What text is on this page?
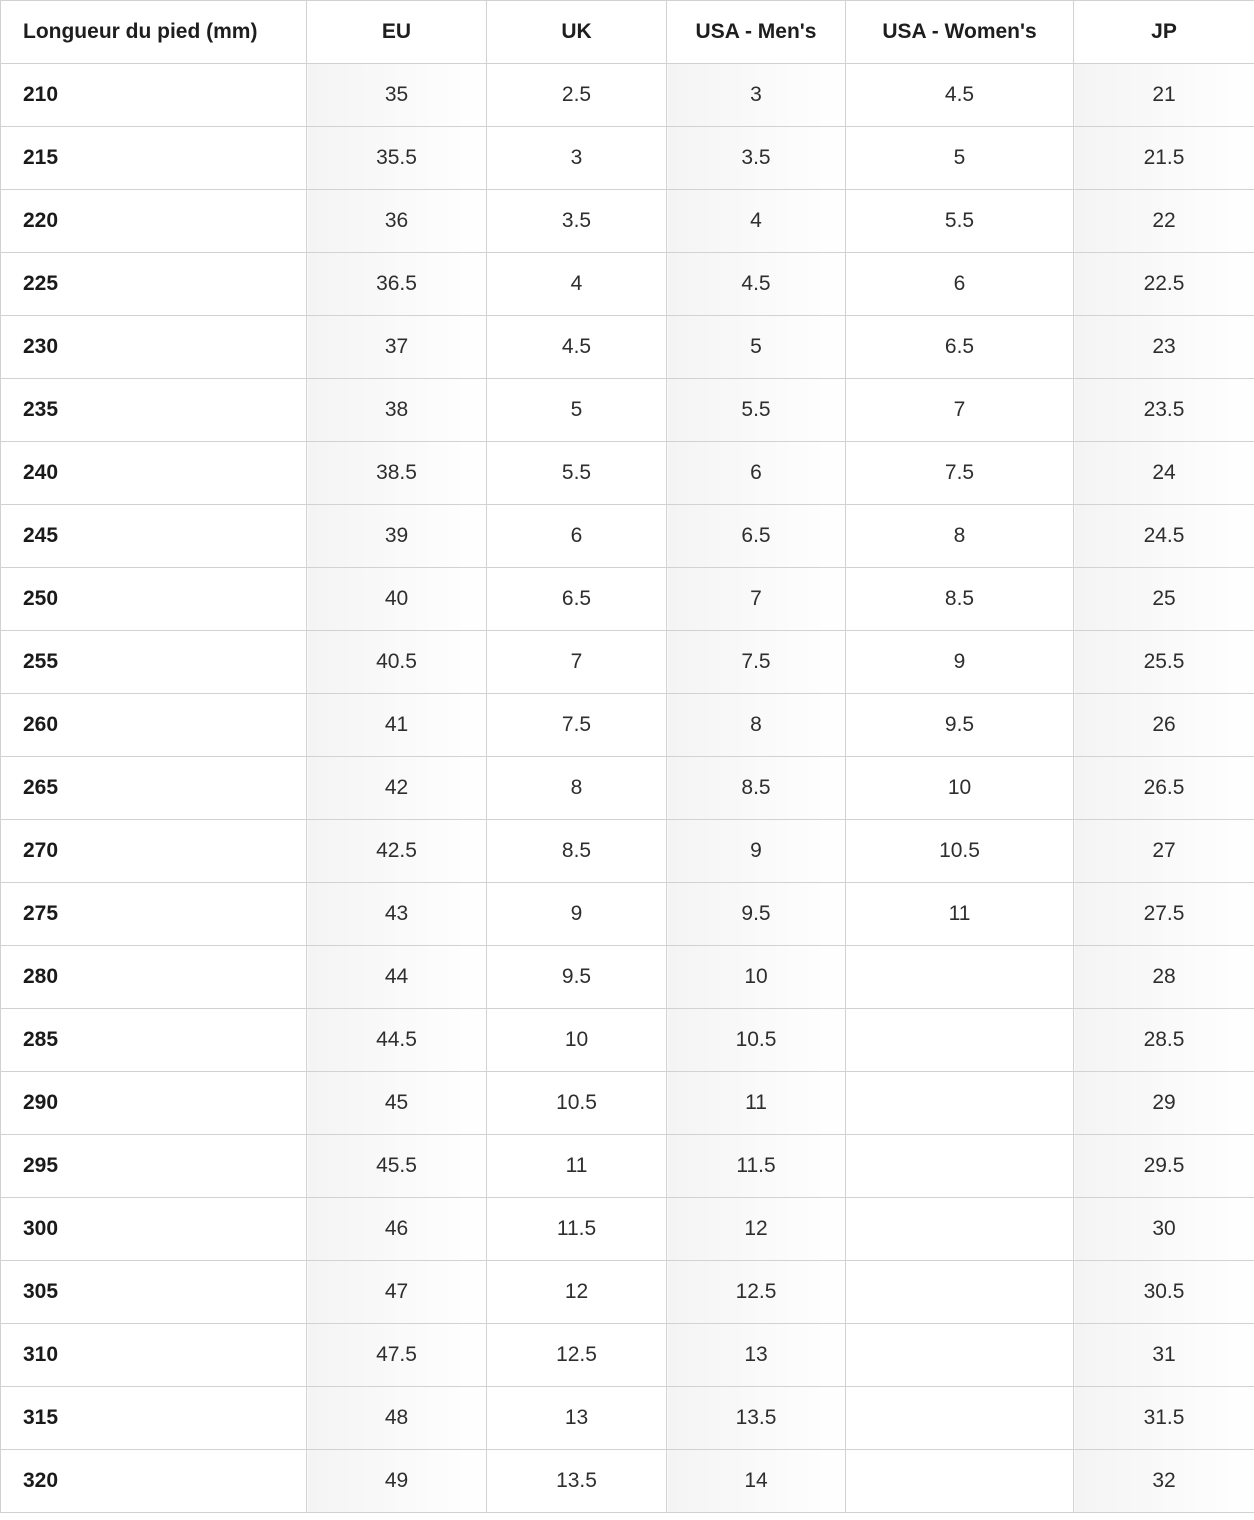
Longueur du pied (mm)	EU	UK	USA - Men's	USA - Women's	JP
210	35	2.5	3	4.5	21
215	35.5	3	3.5	5	21.5
220	36	3.5	4	5.5	22
225	36.5	4	4.5	6	22.5
230	37	4.5	5	6.5	23
235	38	5	5.5	7	23.5
240	38.5	5.5	6	7.5	24
245	39	6	6.5	8	24.5
250	40	6.5	7	8.5	25
255	40.5	7	7.5	9	25.5
260	41	7.5	8	9.5	26
265	42	8	8.5	10	26.5
270	42.5	8.5	9	10.5	27
275	43	9	9.5	11	27.5
280	44	9.5	10		28
285	44.5	10	10.5		28.5
290	45	10.5	11		29
295	45.5	11	11.5		29.5
300	46	11.5	12		30
305	47	12	12.5		30.5
310	47.5	12.5	13		31
315	48	13	13.5		31.5
320	49	13.5	14		32
